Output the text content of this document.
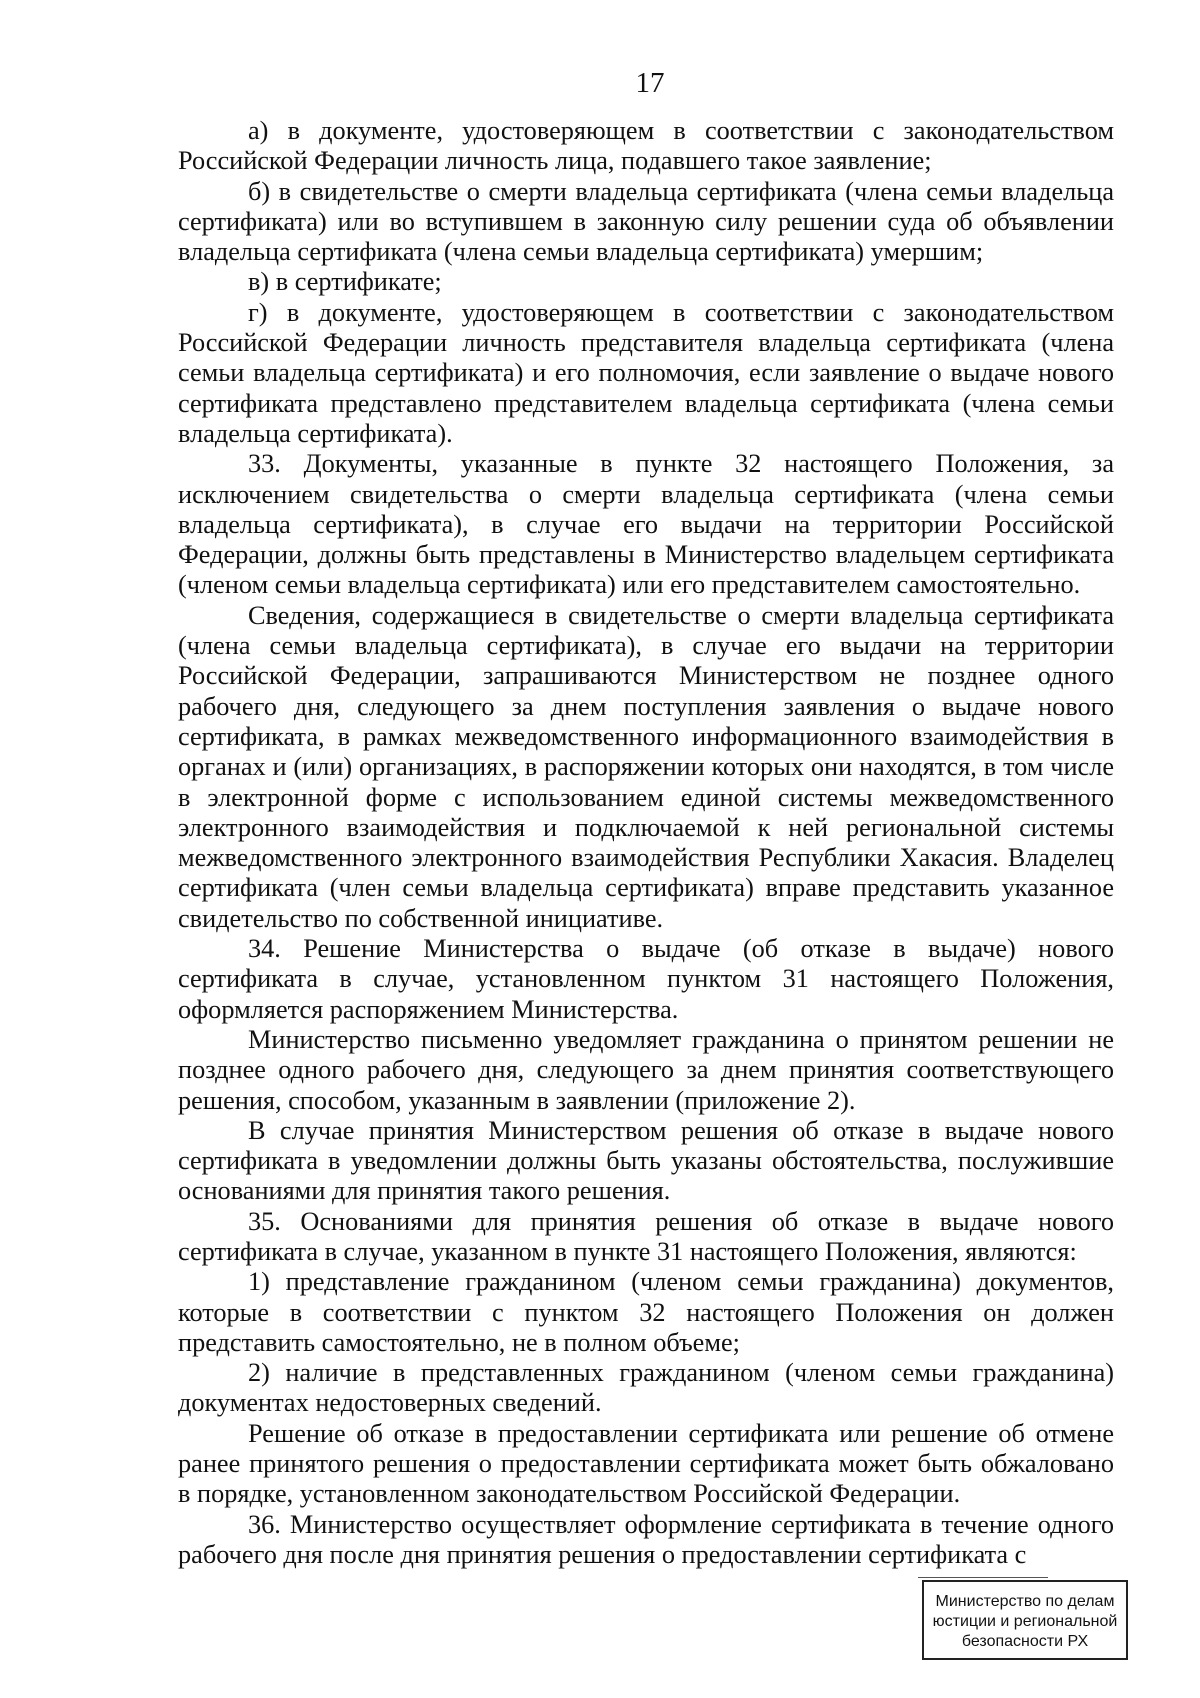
17

а) в документе, удостоверяющем в соответствии с законодательством Российской Федерации личность лица, подавшего такое заявление;

б) в свидетельстве о смерти владельца сертификата (члена семьи владельца сертификата) или во вступившем в законную силу решении суда об объявлении владельца сертификата (члена семьи владельца сертификата) умершим;

в) в сертификате;

г) в документе, удостоверяющем в соответствии с законодательством Российской Федерации личность представителя владельца сертификата (члена семьи владельца сертификата) и его полномочия, если заявление о выдаче нового сертификата представлено представителем владельца сертификата (члена семьи владельца сертификата).

33. Документы, указанные в пункте 32 настоящего Положения, за исключением свидетельства о смерти владельца сертификата (члена семьи владельца сертификата), в случае его выдачи на территории Российской Федерации, должны быть представлены в Министерство владельцем сертификата (членом семьи владельца сертификата) или его представителем самостоятельно.

Сведения, содержащиеся в свидетельстве о смерти владельца сертификата (члена семьи владельца сертификата), в случае его выдачи на территории Российской Федерации, запрашиваются Министерством не позднее одного рабочего дня, следующего за днем поступления заявления о выдаче нового сертификата, в рамках межведомственного информационного взаимодействия в органах и (или) организациях, в распоряжении которых они находятся, в том числе в электронной форме с использованием единой системы межведомственного электронного взаимодействия и подключаемой к ней региональной системы межведомственного электронного взаимодействия Республики Хакасия. Владелец сертификата (член семьи владельца сертификата) вправе представить указанное свидетельство по собственной инициативе.

34. Решение Министерства о выдаче (об отказе в выдаче) нового сертификата в случае, установленном пунктом 31 настоящего Положения, оформляется распоряжением Министерства.

Министерство письменно уведомляет гражданина о принятом решении не позднее одного рабочего дня, следующего за днем принятия соответствующего решения, способом, указанным в заявлении (приложение 2).

В случае принятия Министерством решения об отказе в выдаче нового сертификата в уведомлении должны быть указаны обстоятельства, послужившие основаниями для принятия такого решения.

35. Основаниями для принятия решения об отказе в выдаче нового сертификата в случае, указанном в пункте 31 настоящего Положения, являются:

1) представление гражданином (членом семьи гражданина) документов, которые в соответствии с пунктом 32 настоящего Положения он должен представить самостоятельно, не в полном объеме;

2) наличие в представленных гражданином (членом семьи гражданина) документах недостоверных сведений.

Решение об отказе в предоставлении сертификата или решение об отмене ранее принятого решения о предоставлении сертификата может быть обжаловано в порядке, установленном законодательством Российской Федерации.

36. Министерство осуществляет оформление сертификата в течение одного рабочего дня после дня принятия решения о предоставлении сертификата с

Министерство по делам
юстиции и региональной
безопасности РХ
